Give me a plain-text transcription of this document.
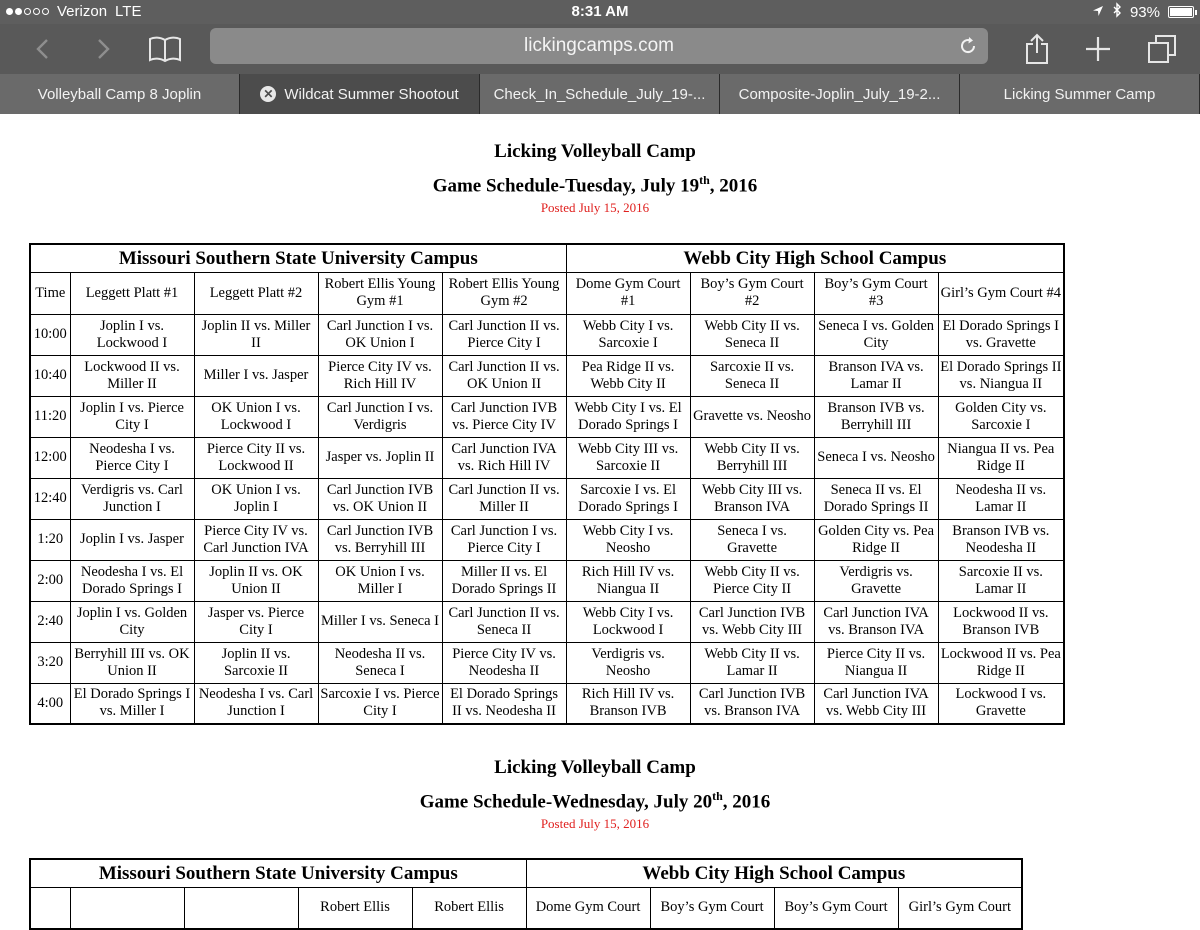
Verizon LTE	8:31 AM	93%
lickingcamps.com
Volleyball Camp 8 Joplin	✕ Wildcat Summer Shootout Check_In_Schedule_July_19-... Composite-Joplin_July_19-2...	Licking Summer Camp
Licking Volleyball Camp
Game Schedule-Tuesday, July 19th, 2016
Posted July 15, 2016
Missouri Southern State University Campus					Webb City High School Campus			
Time	Leggett Platt #1	Leggett Platt #2	Robert Ellis Young Gym #1	Robert Ellis Young Gym #2	Dome Gym Court #1	Boy’s Gym Court #2	Boy’s Gym Court #3	Girl’s Gym Court #4
10:00	Joplin I vs. Lockwood I	Joplin II vs. Miller II	Carl Junction I vs. OK Union I	Carl Junction II vs. Pierce City I	Webb City I vs. Sarcoxie I	Webb City II vs. Seneca II	Seneca I vs. Golden City	El Dorado Springs I vs. Gravette
10:40	Lockwood II vs. Miller II	Miller I vs. Jasper	Pierce City IV vs. Rich Hill IV	Carl Junction II vs. OK Union II	Pea Ridge II vs. Webb City II	Sarcoxie II vs. Seneca II	Branson IVA vs. Lamar II	El Dorado Springs II vs. Niangua II
11:20	Joplin I vs. Pierce City I	OK Union I vs. Lockwood I	Carl Junction I vs. Verdigris	Carl Junction IVB vs. Pierce City IV	Webb City I vs. El Dorado Springs I	Gravette vs. Neosho	Branson IVB vs. Berryhill III	Golden City vs. Sarcoxie I
12:00	Neodesha I vs. Pierce City I	Pierce City II vs. Lockwood II	Jasper vs. Joplin II	Carl Junction IVA vs. Rich Hill IV	Webb City III vs. Sarcoxie II	Webb City II vs. Berryhill III	Seneca I vs. Neosho	Niangua II vs. Pea Ridge II
12:40	Verdigris vs. Carl Junction I	OK Union I vs. Joplin I	Carl Junction IVB vs. OK Union II	Carl Junction II vs. Miller II	Sarcoxie I vs. El Dorado Springs I	Webb City III vs. Branson IVA	Seneca II vs. El Dorado Springs II	Neodesha II vs. Lamar II
1:20	Joplin I vs. Jasper	Pierce City IV vs. Carl Junction IVA	Carl Junction IVB vs. Berryhill III	Carl Junction I vs. Pierce City I	Webb City I vs. Neosho	Seneca I vs. Gravette	Golden City vs. Pea Ridge II	Branson IVB vs. Neodesha II
2:00	Neodesha I vs. El Dorado Springs I	Joplin II vs. OK Union II	OK Union I vs. Miller I	Miller II vs. El Dorado Springs II	Rich Hill IV vs. Niangua II	Webb City II vs. Pierce City II	Verdigris vs. Gravette	Sarcoxie II vs. Lamar II
2:40	Joplin I vs. Golden City	Jasper vs. Pierce City I	Miller I vs. Seneca I	Carl Junction II vs. Seneca II	Webb City I vs. Lockwood I	Carl Junction IVB vs. Webb City III	Carl Junction IVA vs. Branson IVA	Lockwood II vs. Branson IVB
3:20	Berryhill III vs. OK Union II	Joplin II vs. Sarcoxie II	Neodesha II vs. Seneca I	Pierce City IV vs. Neodesha II	Verdigris vs. Neosho	Webb City II vs. Lamar II	Pierce City II vs. Niangua II	Lockwood II vs. Pea Ridge II
4:00	El Dorado Springs I vs. Miller I	Neodesha I vs. Carl Junction I	Sarcoxie I vs. Pierce City I	El Dorado Springs II vs. Neodesha II	Rich Hill IV vs. Branson IVB	Carl Junction IVB vs. Branson IVA	Carl Junction IVA vs. Webb City III	Lockwood I vs. Gravette
Licking Volleyball Camp
Game Schedule-Wednesday, July 20th, 2016
Posted July 15, 2016
Missouri Southern State University Campus					Webb City High School Campus			
			Robert Ellis	Robert Ellis	Dome Gym Court	Boy’s Gym Court	Boy’s Gym Court	Girl’s Gym Court
